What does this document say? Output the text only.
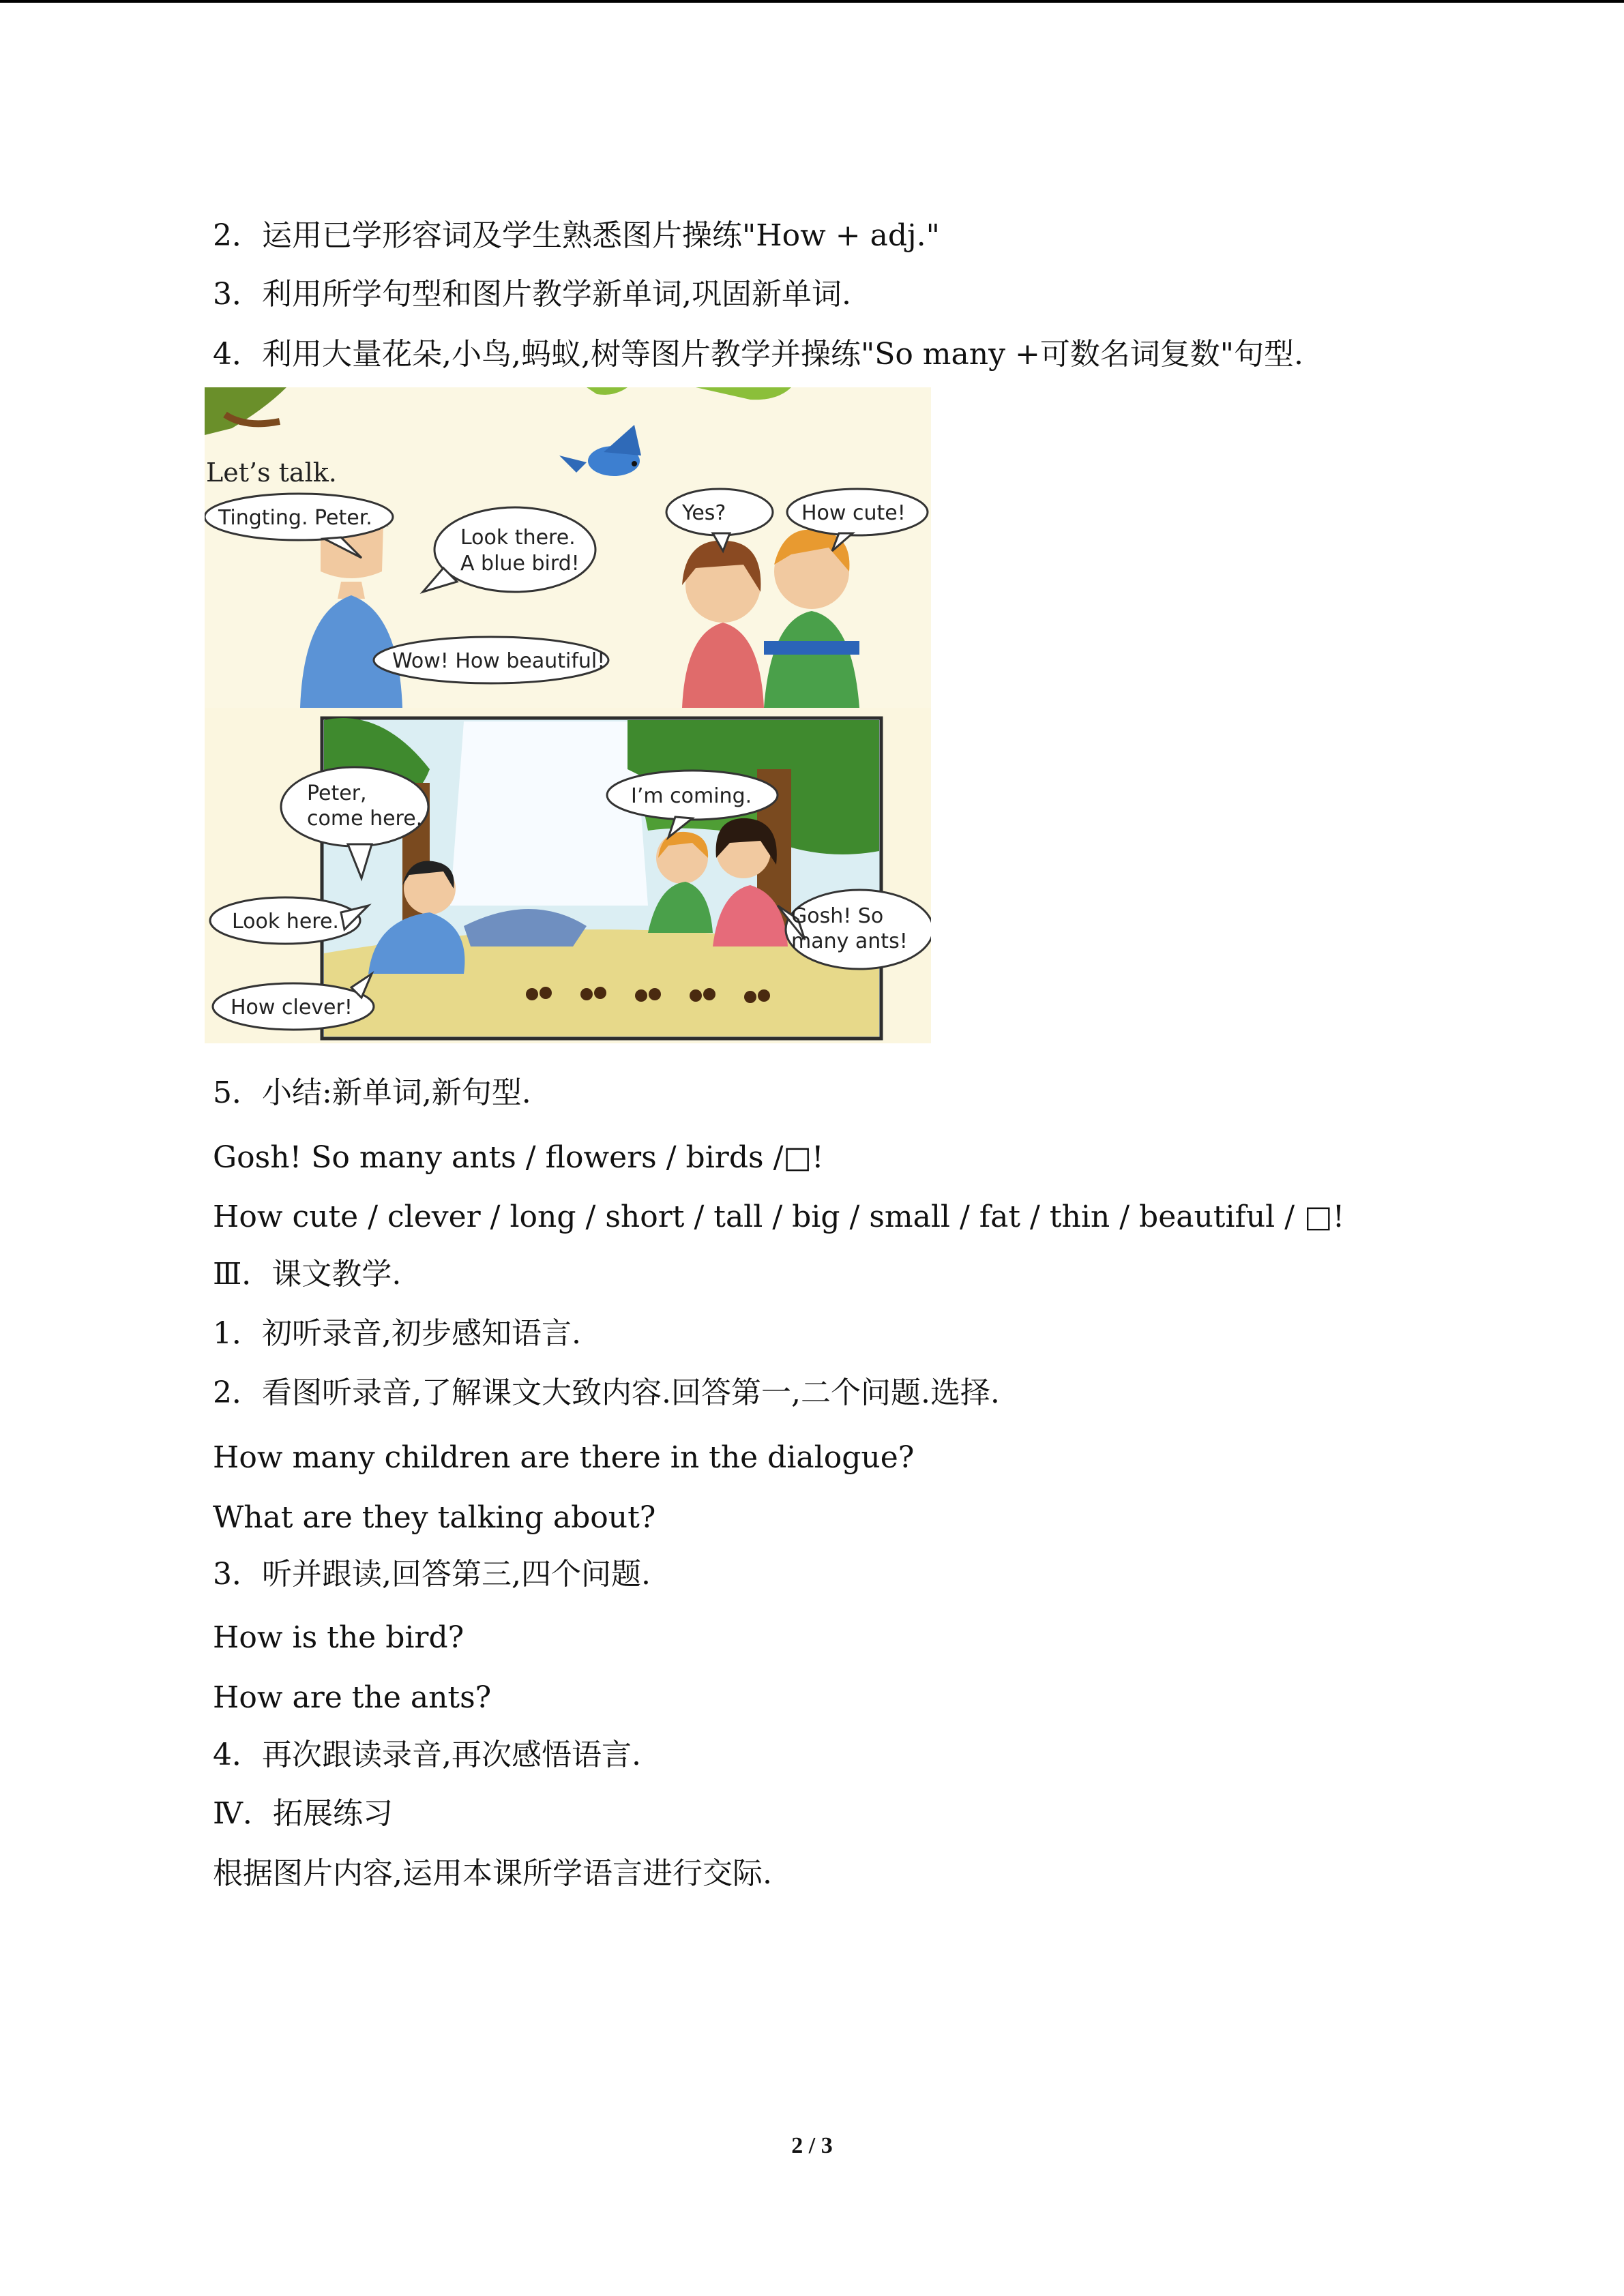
2．运用已学形容词及学生熟悉图片操练"How + adj."
3．利用所学句型和图片教学新单词,巩固新单词.
4．利用大量花朵,小鸟,蚂蚁,树等图片教学并操练"So many +可数名词复数"句型.
Let’s talk.
Tingting. Peter.
Look there.
A blue bird!
Yes?	How cute!
Wow! How beautiful!
Peter,
come here.
I’m coming.
Look here.	Gosh! So
many ants!
How clever!
5．小结:新单词,新句型.
Gosh! So many ants / flowers / birds /□!
How cute / clever / long / short / tall / big / small / fat / thin / beautiful / □!
Ⅲ．课文教学.
1．初听录音,初步感知语言.
2．看图听录音,了解课文大致内容.回答第一,二个问题.选择.
How many children are there in the dialogue?
What are they talking about?
3．听并跟读,回答第三,四个问题.
How is the bird?
How are the ants?
4．再次跟读录音,再次感悟语言.
Ⅳ．拓展练习
根据图片内容,运用本课所学语言进行交际.
2 / 3
